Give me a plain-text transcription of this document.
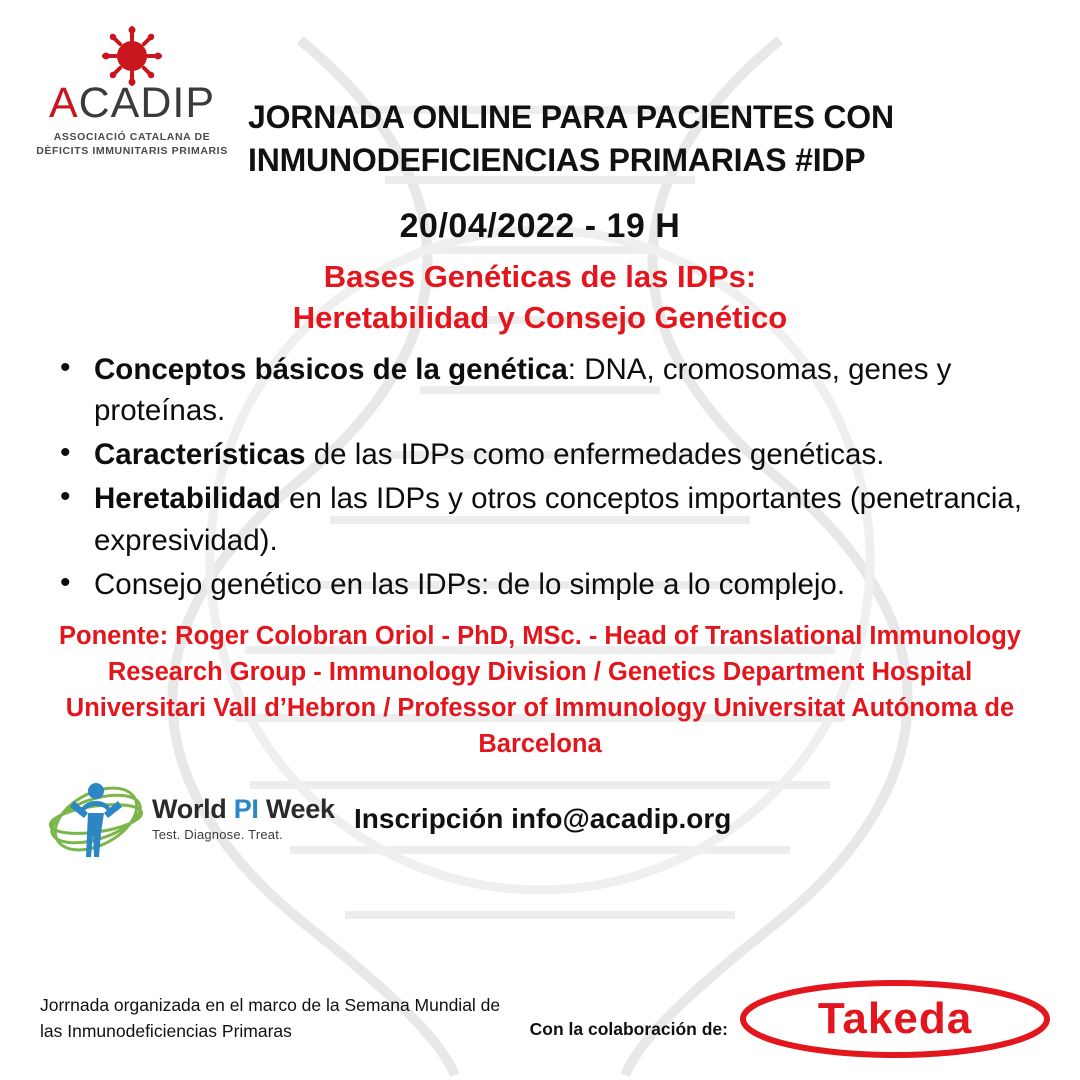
ACADIP
ASSOCIACIÓ CATALANA DE
DÈFICITS IMMUNITARIS PRIMARIS
JORNADA ONLINE PARA PACIENTES CON
INMUNODEFICIENCIAS PRIMARIAS #IDP
20/04/2022 - 19 H
Bases Genéticas de las IDPs:
Heretabilidad y Consejo Genético
• Conceptos básicos de la genética: DNA, cromosomas, genes y proteínas.
• Características de las IDPs como enfermedades genéticas.
• Heretabilidad en las IDPs y otros conceptos importantes (penetrancia, expresividad).
• Consejo genético en las IDPs: de lo simple a lo complejo.
Ponente: Roger Colobran Oriol - PhD, MSc. - Head of Translational Immunology
Research Group - Immunology Division / Genetics Department Hospital
Universitari Vall d’Hebron / Professor of Immunology Universitat Autónoma de
Barcelona
World PI Week
Test. Diagnose. Treat.
Inscripción info@acadip.org
Jorrnada organizada en el marco de la Semana Mundial de
las Inmunodeficiencias Primaras	Con la colaboración de:	Takeda
